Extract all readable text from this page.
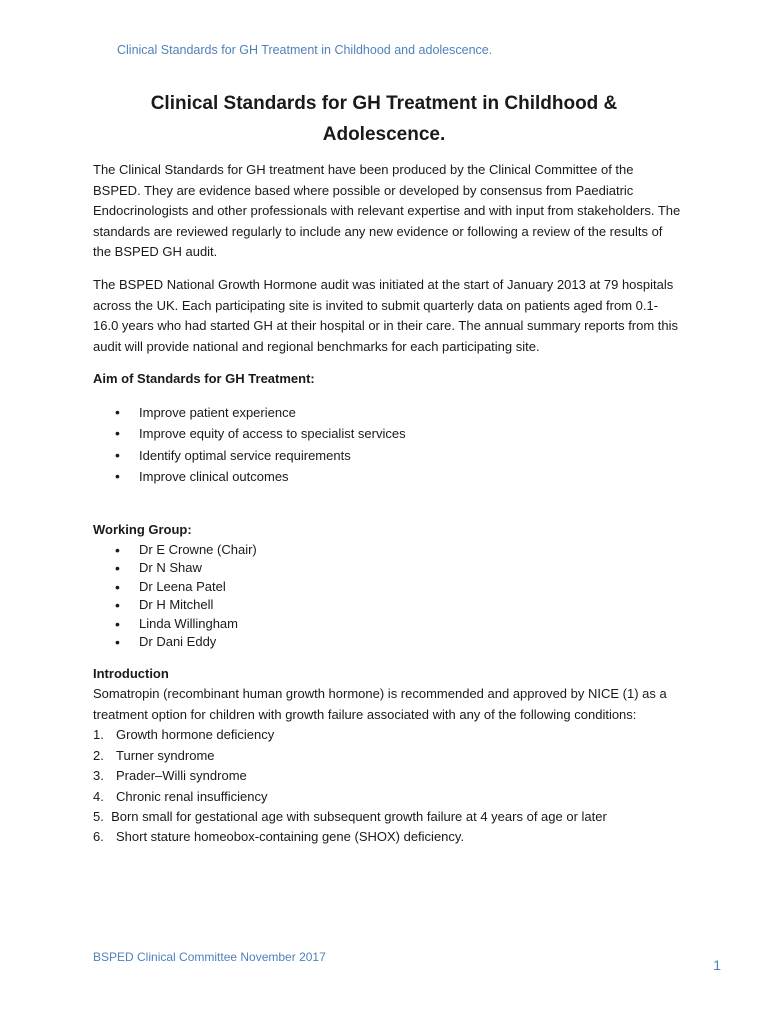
Clinical Standards for GH Treatment in Childhood and adolescence.
Clinical Standards for GH Treatment in Childhood &
Adolescence.

The Clinical Standards for GH treatment have been produced by the Clinical Committee of the BSPED. They are evidence based where possible or developed by consensus from Paediatric Endocrinologists and other professionals with relevant expertise and with input from stakeholders. The standards are reviewed regularly to include any new evidence or following a review of the results of the BSPED GH audit.

The BSPED National Growth Hormone audit was initiated at the start of January 2013 at 79 hospitals across the UK. Each participating site is invited to submit quarterly data on patients aged from 0.1-16.0 years who had started GH at their hospital or in their care. The annual summary reports from this audit will provide national and regional benchmarks for each participating site.

Aim of Standards for GH Treatment:

• Improve patient experience
• Improve equity of access to specialist services
• Identify optimal service requirements
• Improve clinical outcomes

Working Group:

• Dr E Crowne (Chair)
• Dr N Shaw
• Dr Leena Patel
• Dr H Mitchell
• Linda Willingham
• Dr Dani Eddy

Introduction

Somatropin (recombinant human growth hormone) is recommended and approved by NICE (1) as a treatment option for children with growth failure associated with any of the following conditions:

1. Growth hormone deficiency
2. Turner syndrome
3. Prader–Willi syndrome
4. Chronic renal insufficiency
5. Born small for gestational age with subsequent growth failure at 4 years of age or later
6. Short stature homeobox-containing gene (SHOX) deficiency.
BSPED Clinical Committee November 2017	1
